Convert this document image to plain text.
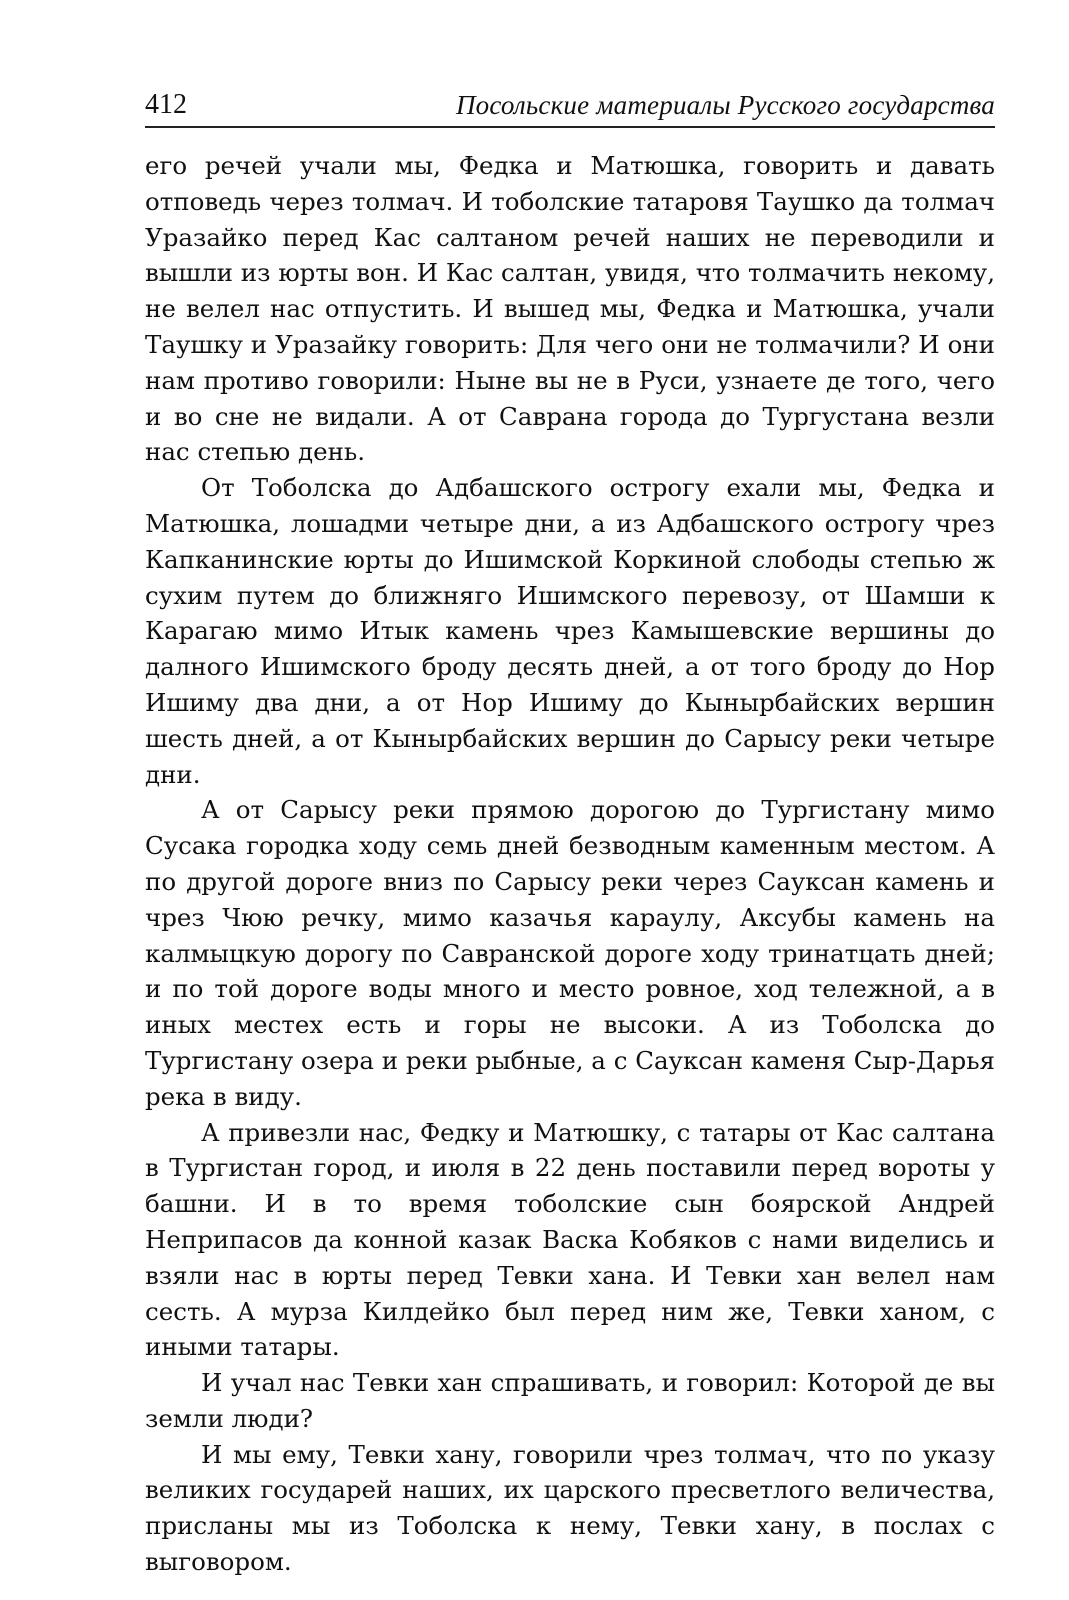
412	Посольские материалы Русского государства

его речей учали мы, Федка и Матюшка, говорить и давать отповедь через толмач. И тоболские татаровя Таушко да толмач Уразайко перед Кас салтаном речей наших не переводили и вышли из юрты вон. И Кас салтан, увидя, что толмачить некому, не велел нас отпустить. И вышед мы, Федка и Матюшка, учали Таушку и Уразайку говорить: Для чего они не толмачили? И они нам противо говорили: Ныне вы не в Руси, узнаете де того, чего и во сне не видали. А от Саврана города до Тургустана везли нас степью день.

От Тоболска до Адбашского острогу ехали мы, Федка и Матюшка, лошадми четыре дни, а из Адбашского острогу чрез Капканинские юрты до Ишимской Коркиной слободы степью ж сухим путем до ближняго Ишимского перевозу, от Шамши к Карагаю мимо Итык камень чрез Камышевские вершины до далного Ишимского броду десять дней, а от того броду до Нор Ишиму два дни, а от Нор Ишиму до Кынырбайских вершин шесть дней, а от Кынырбайских вершин до Сарысу реки четыре дни.

А от Сарысу реки прямою дорогою до Тургистану мимо Сусака городка ходу семь дней безводным каменным местом. А по другой дороге вниз по Сарысу реки через Сауксан камень и чрез Чюю речку, мимо казачья караулу, Аксубы камень на калмыцкую дорогу по Савранской дороге ходу тринатцать дней; и по той дороге воды много и место ровное, ход тележной, а в иных местех есть и горы не высоки. А из Тоболска до Тургистану озера и реки рыбные, а с Сауксан каменя Сыр-Дарья река в виду.

А привезли нас, Федку и Матюшку, с татары от Кас салтана в Тургистан город, и июля в 22 день поставили перед вороты у башни. И в то время тоболские сын боярской Андрей Неприпасов да конной казак Васка Кобяков с нами виделись и взяли нас в юрты перед Тевки хана. И Тевки хан велел нам сесть. А мурза Килдейко был перед ним же, Тевки ханом, с иными татары.

И учал нас Тевки хан спрашивать, и говорил: Которой де вы земли люди?

И мы ему, Тевки хану, говорили чрез толмач, что по указу великих государей наших, их царского пресветлого величества, присланы мы из Тоболска к нему, Тевки хану, в послах с выговором.
